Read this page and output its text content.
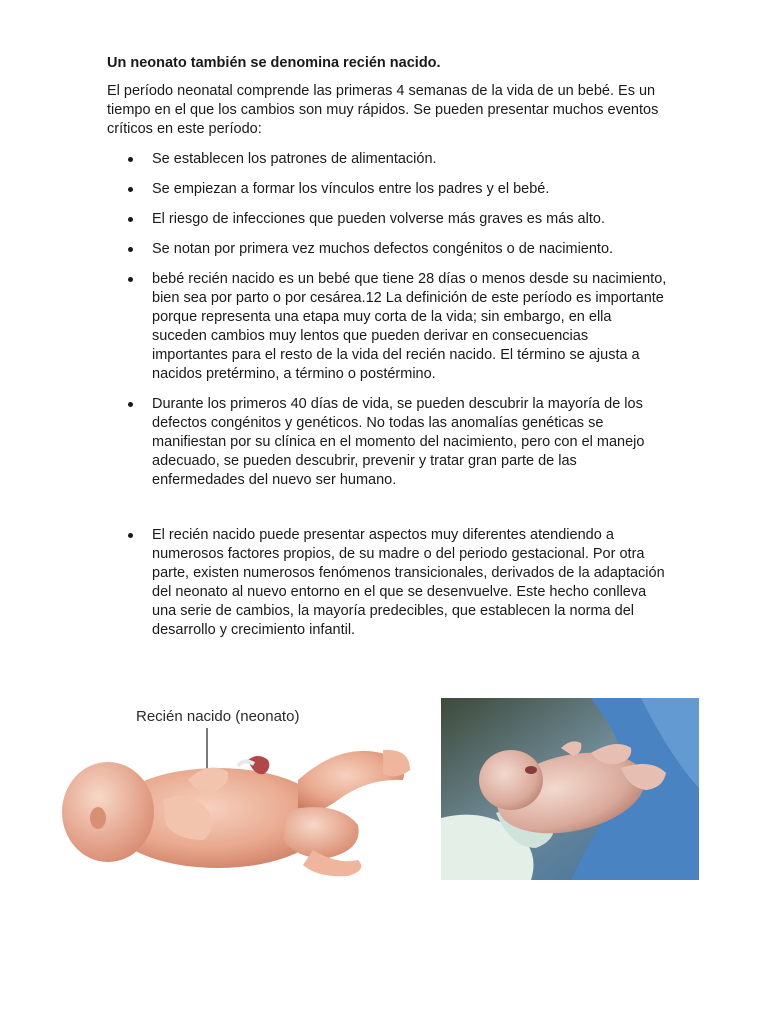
Un neonato también se denomina recién nacido.
El período neonatal comprende las primeras 4 semanas de la vida de un bebé. Es un tiempo en el que los cambios son muy rápidos. Se pueden presentar muchos eventos críticos en este período:
Se establecen los patrones de alimentación.
Se empiezan a formar los vínculos entre los padres y el bebé.
El riesgo de infecciones que pueden volverse más graves es más alto.
Se notan por primera vez muchos defectos congénitos o de nacimiento.
bebé recién nacido es un bebé que tiene 28 días o menos desde su nacimiento, bien sea por parto o por cesárea.12 La definición de este período es importante porque representa una etapa muy corta de la vida; sin embargo, en ella suceden cambios muy lentos que pueden derivar en consecuencias importantes para el resto de la vida del recién nacido. El término se ajusta a nacidos pretérmino, a término o postérmino.
Durante los primeros 40 días de vida, se pueden descubrir la mayoría de los defectos congénitos y genéticos. No todas las anomalías genéticas se manifiestan por su clínica en el momento del nacimiento, pero con el manejo adecuado, se pueden descubrir, prevenir y tratar gran parte de las enfermedades del nuevo ser humano.
El recién nacido puede presentar aspectos muy diferentes atendiendo a numerosos factores propios, de su madre o del periodo gestacional. Por otra parte, existen numerosos fenómenos transicionales, derivados de la adaptación del neonato al nuevo entorno en el que se desenvuelve. Este hecho conlleva una serie de cambios, la mayoría predecibles, que establecen la norma del desarrollo y crecimiento infantil.
Recién nacido (neonato)
